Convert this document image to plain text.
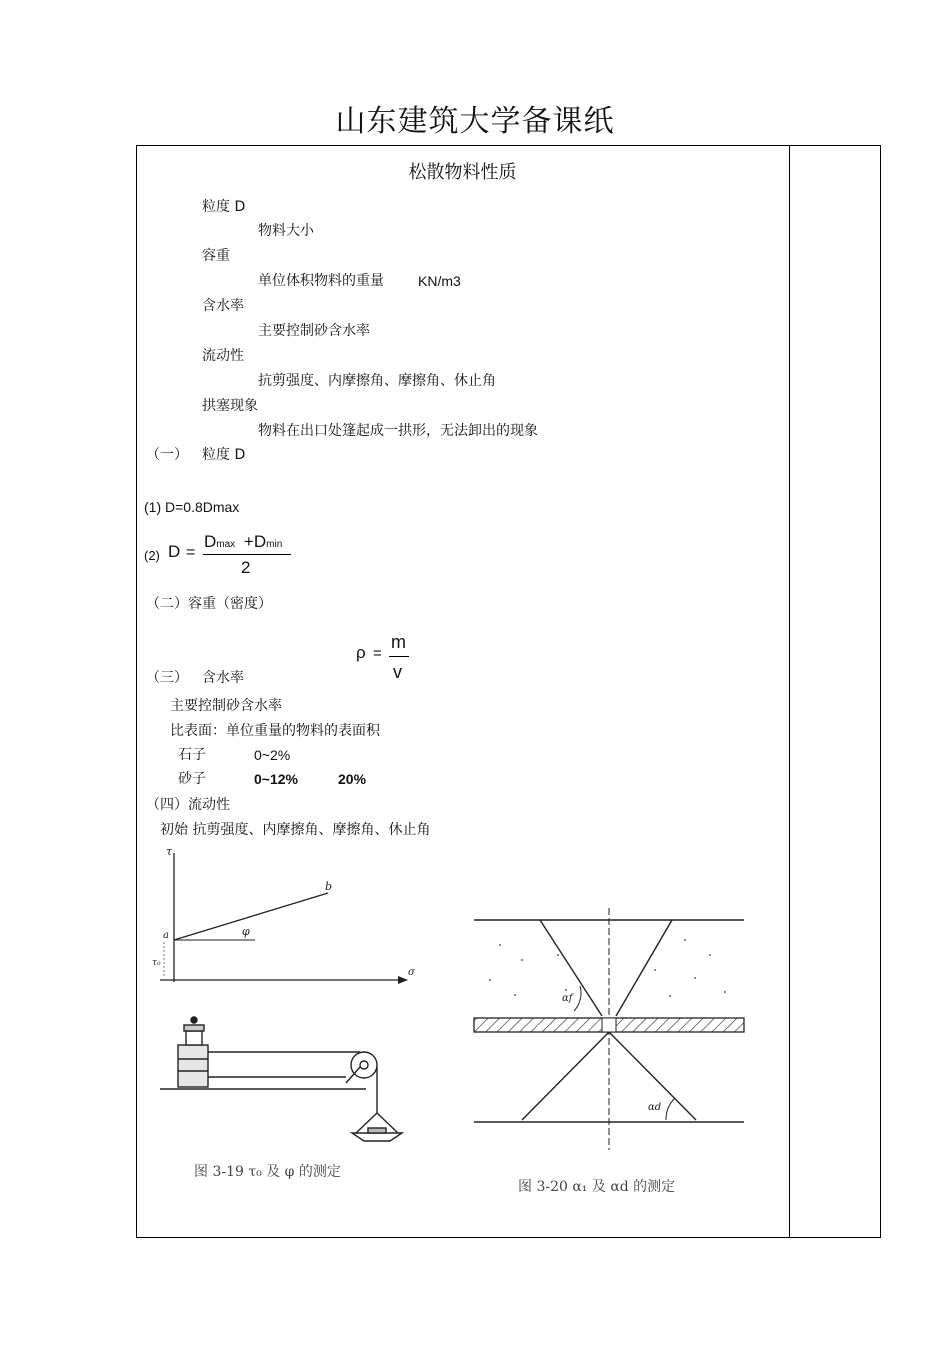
山东建筑大学备课纸
松散物料性质
粒度 D
物料大小
容重
单位体积物料的重量 KN/m3
含水率
主要控制砂含水率
流动性
抗剪强度、内摩擦角、摩擦角、休止角
拱塞现象
物料在出口处篷起成一拱形，无法卸出的现象
（一） 粒度 D
(1) D=0.8Dmax
(2) D =
Dmax +Dmin
2
（二）容重（密度）
ρ =
m
v
（三） 含水率
主要控制砂含水率
比表面：单位重量的物料的表面积
石子	0~2%
砂子	0~12%	20%
（四）流动性
初始 抗剪强度、内摩擦角、摩擦角、休止角
τ
b
φ
a
τ₀
σ
图 3-19 τ₀ 及 φ 的测定
αf
αd
图 3-20 α₁ 及 αd 的测定
